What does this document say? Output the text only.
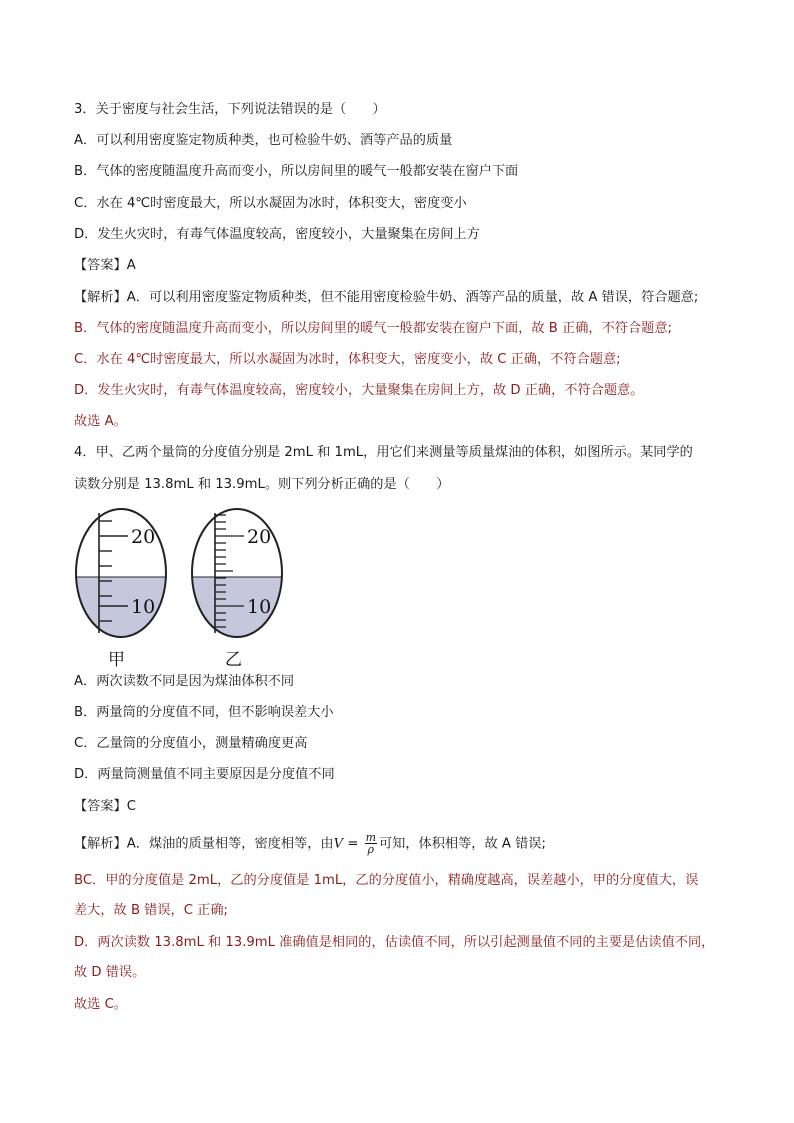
3．关于密度与社会生活，下列说法错误的是（　　）
A．可以利用密度鉴定物质种类，也可检验牛奶、酒等产品的质量
B．气体的密度随温度升高而变小，所以房间里的暖气一般都安装在窗户下面
C．水在 4℃时密度最大，所以水凝固为冰时，体积变大，密度变小
D．发生火灾时，有毒气体温度较高，密度较小，大量聚集在房间上方
【答案】A
【解析】A．可以利用密度鉴定物质种类，但不能用密度检验牛奶、酒等产品的质量，故 A 错误，符合题意;
B．气体的密度随温度升高而变小，所以房间里的暖气一般都安装在窗户下面，故 B 正确，不符合题意;
C．水在 4℃时密度最大，所以水凝固为冰时，体积变大，密度变小，故 C 正确，不符合题意;
D．发生火灾时，有毒气体温度较高，密度较小，大量聚集在房间上方，故 D 正确，不符合题意。
故选 A。
4．甲、乙两个量筒的分度值分别是 2mL 和 1mL，用它们来测量等质量煤油的体积，如图所示。某同学的
读数分别是 13.8mL 和 13.9mL。则下列分析正确的是（　　）
20
10
20
10
甲	乙
A．两次读数不同是因为煤油体积不同
B．两量筒的分度值不同，但不影响误差大小
C．乙量筒的分度值小，测量精确度更高
D．两量筒测量值不同主要原因是分度值不同
【答案】C
【解析】A．煤油的质量相等，密度相等，由$V = \frac{m}{\rho}$ 可知，体积相等，故 A 错误;
BC．甲的分度值是 2mL，乙的分度值是 1mL，乙的分度值小，精确度越高，误差越小，甲的分度值大，误
差大，故 B 错误，C 正确;
D．两次读数 13.8mL 和 13.9mL 准确值是相同的，估读值不同，所以引起测量值不同的主要是估读值不同，
故 D 错误。
故选 C。
